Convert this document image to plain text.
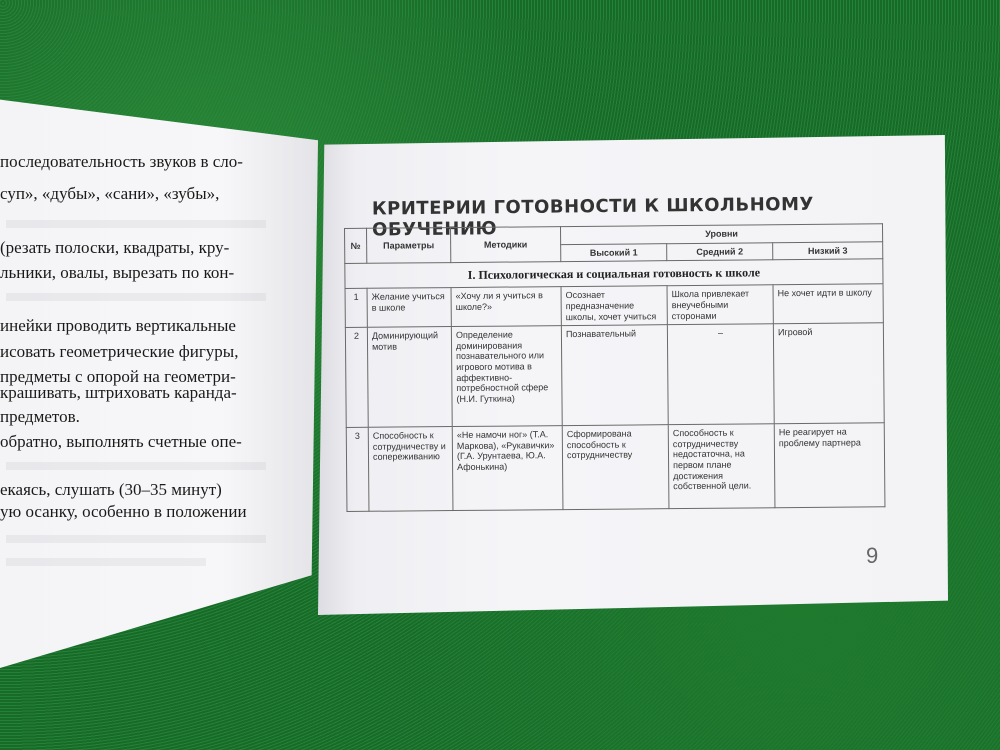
последовательность звуков в сло-
суп», «дубы», «сани», «зубы»,
(резать полоски, квадраты, кру-
льники, овалы, вырезать по кон-
инейки проводить вертикальные
исовать геометрические фигуры,
предметы с опорой на геометри-
крашивать, штриховать каранда-
предметов.
обратно, выполнять счетные опе-
екаясь, слушать (30–35 минут)
ую осанку, особенно в положении
КРИТЕРИИ ГОТОВНОСТИ К ШКОЛЬНОМУ ОБУЧЕНИЮ
№	Параметры	Методики	Уровни		
			Высокий 1	Средний 2	Низкий 3
I. Психологическая и социальная готовность к школе					
1	Желание учиться в школе	«Хочу ли я учиться в школе?»	Осознает предназначение школы, хочет учиться	Школа привлекает внеучебными сторонами	Не хочет идти в школу
2	Доминирующий мотив	Определение доминирования познавательного или игрового мотива в аффективно-потребностной сфере (Н.И. Гуткина)	Познавательный	–	Игровой
3	Способность к сотрудничеству и сопереживанию	«Не намочи ног» (Т.А. Маркова), «Рукавички» (Г.А. Урунтаева, Ю.А. Афонькина)	Сформирована способность к сотрудничеству	Способность к сотрудничеству недостаточна, на первом плане достижения собственной цели.	Не реагирует на проблему партнера
9
